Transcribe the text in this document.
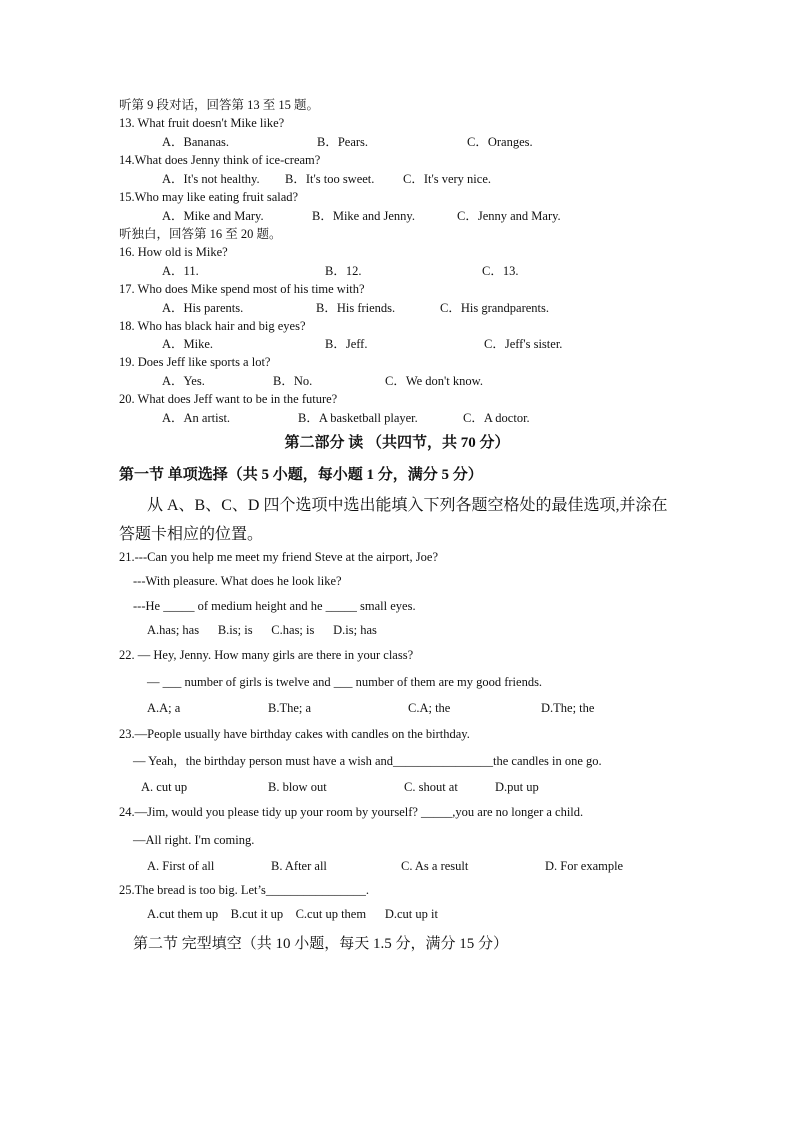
听第 9 段对话，回答第 13 至 15 题。
13. What fruit doesn't Mike like?
A．Bananas.	B．Pears.	C．Oranges.
14.What does Jenny think of ice-cream?
A．It's not healthy. B．It's too sweet. C．It's very nice.
15.Who may like eating fruit salad?
A．Mike and Mary.	B．Mike and Jenny.	C．Jenny and Mary.
听独白，回答第 16 至 20 题。
16. How old is Mike?
A．11.	B．12.	C．13.
17. Who does Mike spend most of his time with?
A．His parents.	B．His friends.	C．His grandparents.
18. Who has black hair and big eyes?
A．Mike.	B．Jeff.	C．Jeff's sister.
19. Does Jeff like sports a lot?
A．Yes.	B．No.	C．We don't know.
20. What does Jeff want to be in the future?
A．An artist.	B．A basketball player.	C．A doctor.
第二部分 读 （共四节，共 70 分）
第一节 单项选择（共 5 小题，每小题 1 分，满分 5 分）
从 A、B、C、D 四个选项中选出能填入下列各题空格处的最佳选项,并涂在
答题卡相应的位置。
21.---Can you help me meet my friend Steve at the airport, Joe?
---With pleasure. What does he look like?
---He _____ of medium height and he _____ small eyes.
A.has; has      B.is; is      C.has; is      D.is; has
22. — Hey, Jenny. How many girls are there in your class?
— ___ number of girls is twelve and ___ number of them are my good friends.
A.A; a	B.The; a	C.A; the	D.The; the
23.—People usually have birthday cakes with candles on the birthday.
— Yeah，the birthday person must have a wish and________________the candles in one go.
A. cut up	B. blow out	C. shout at	D.put up
24.—Jim, would you please tidy up your room by yourself? _____,you are no longer a child.
—All right. I'm coming.
A. First of all	B. After all	C. As a result	D. For example
25.The bread is too big. Let’s________________.
A.cut them up    B.cut it up    C.cut up them      D.cut up it
第二节 完型填空（共 10 小题，每天 1.5 分，满分 15 分）
